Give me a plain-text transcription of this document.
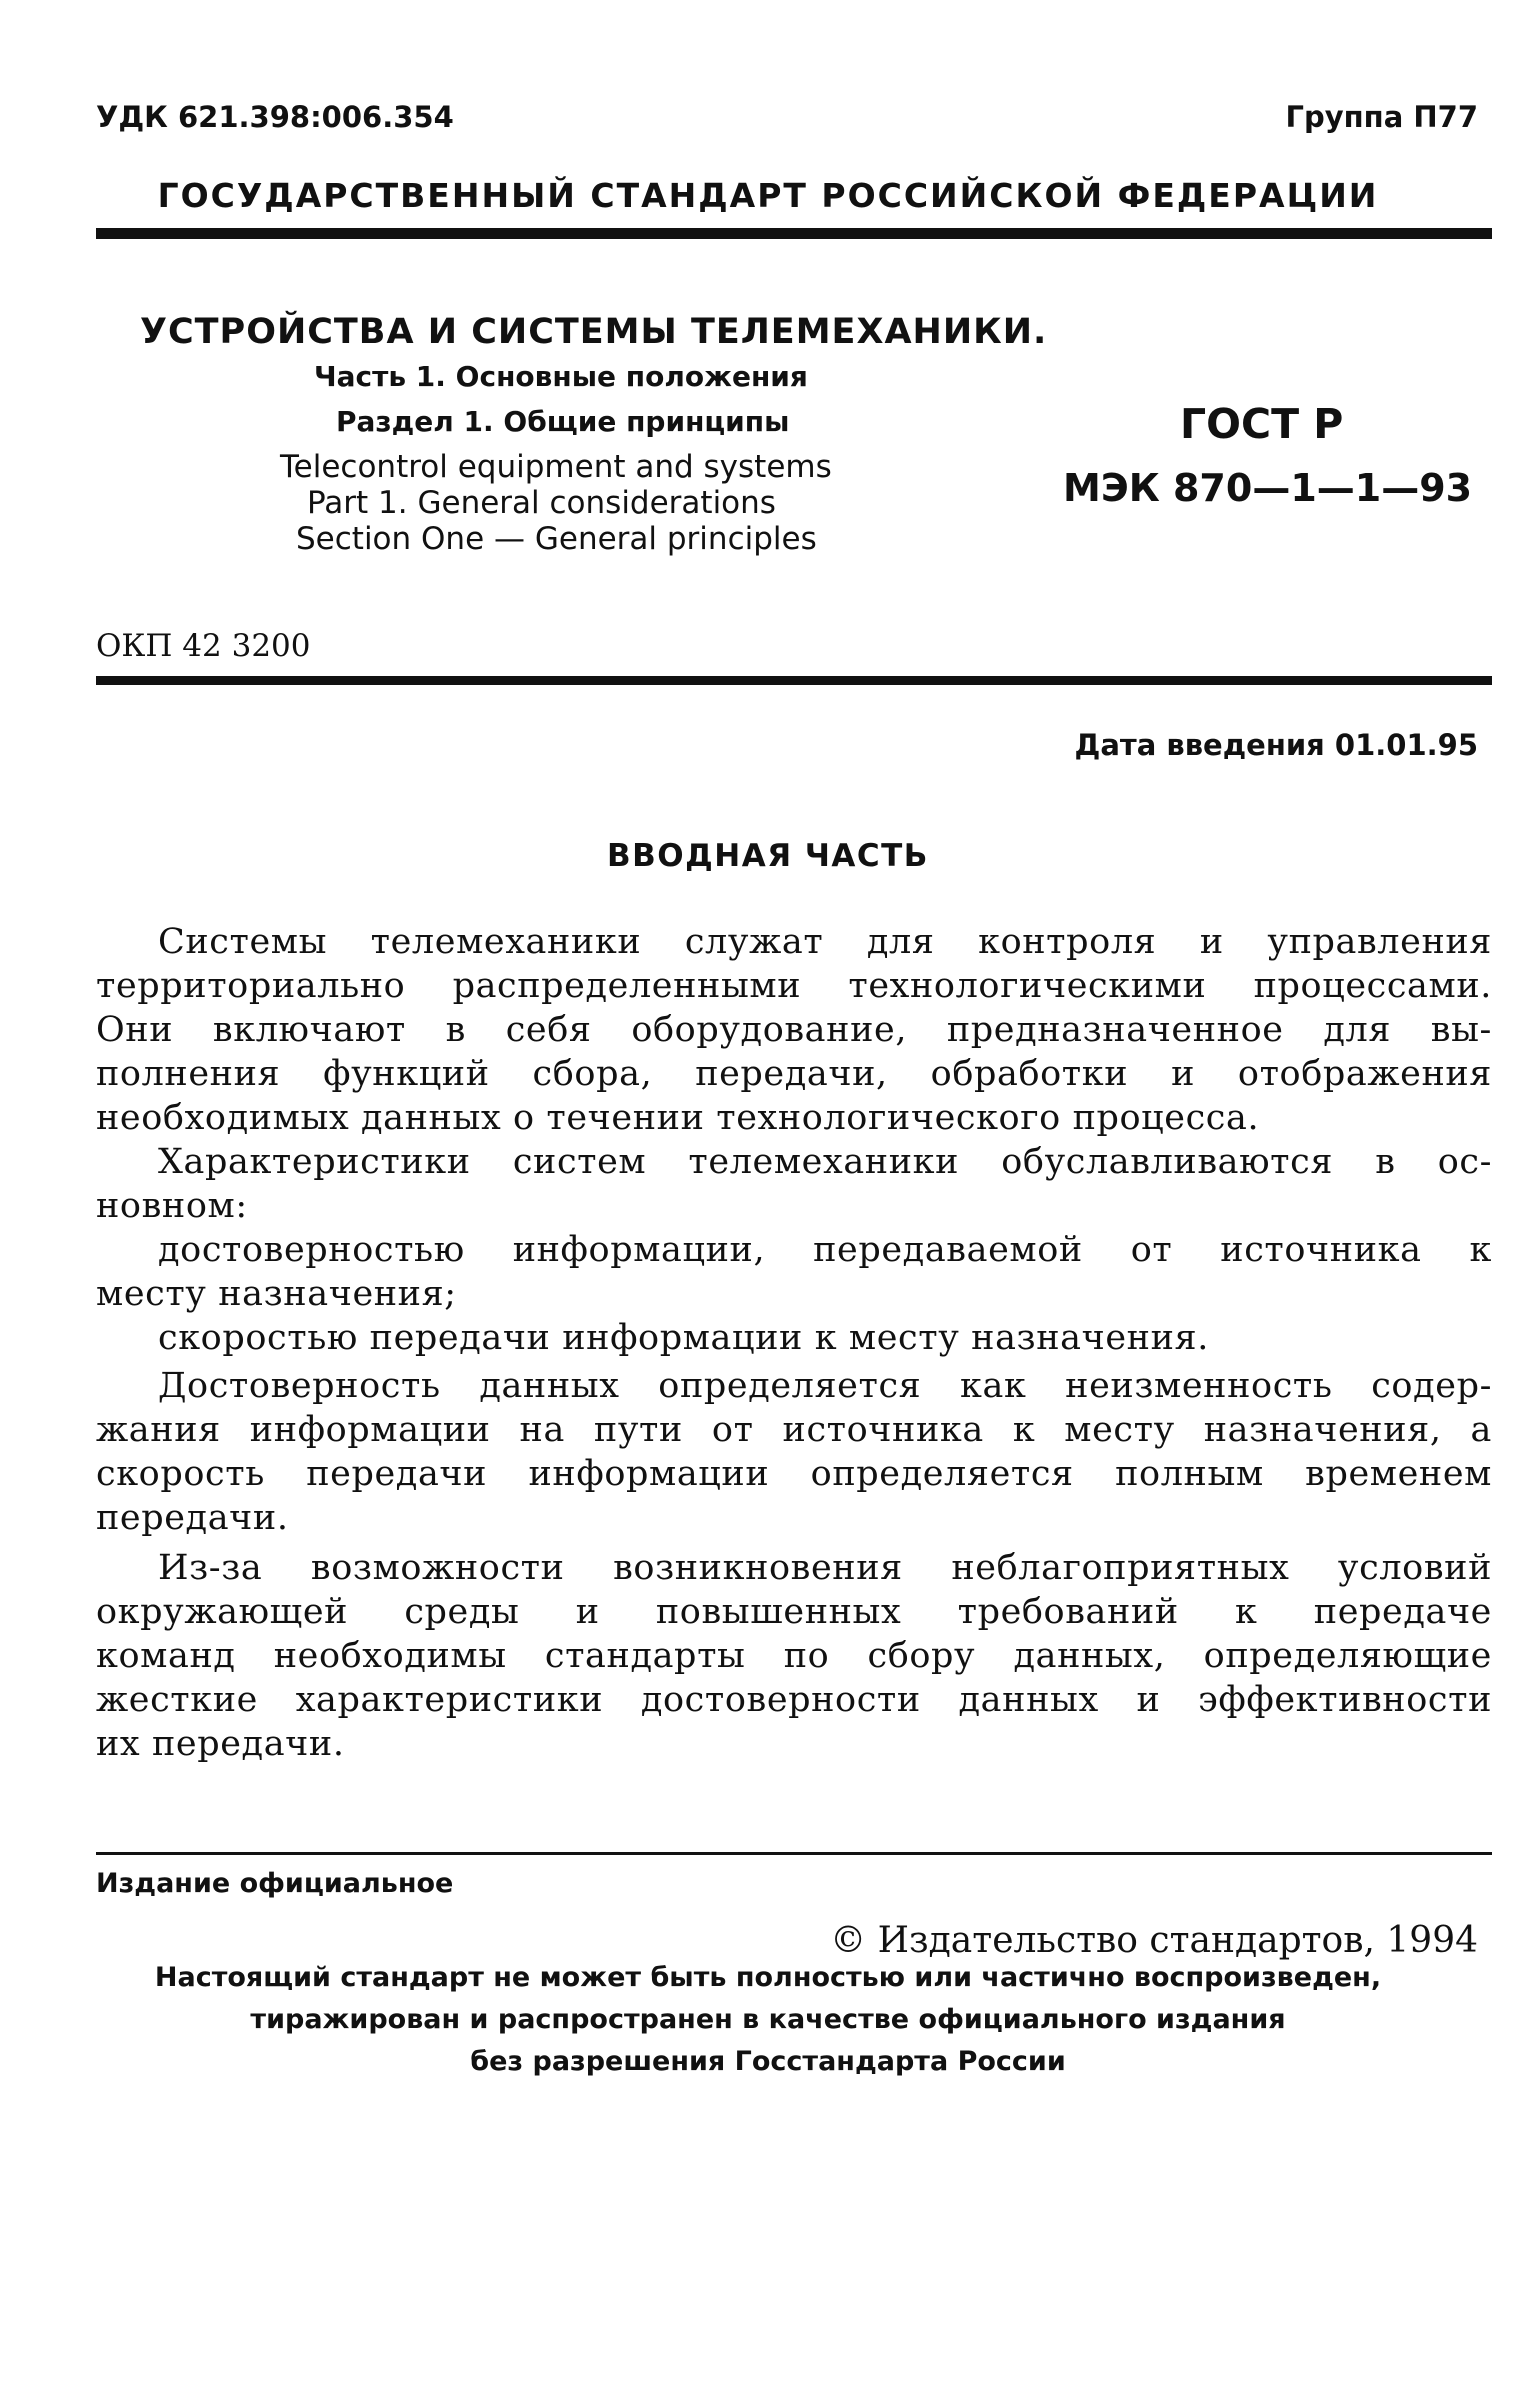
УДК 621.398:006.354	Группа П77
ГОСУДАРСТВЕННЫЙ СТАНДАРТ РОССИЙСКОЙ ФЕДЕРАЦИИ
УСТРОЙСТВА И СИСТЕМЫ ТЕЛЕМЕХАНИКИ.
Часть 1. Основные положения
Раздел 1. Общие принципы
Telecontrol equipment and systems
Part 1. General considerations
Section One — General principles
ГОСТ Р
МЭК 870—1—1—93
ОКП 42 3200
Дата введения 01.01.95
ВВОДНАЯ ЧАСТЬ
Системы телемеханики служат для контроля и управления
территориально распределенными технологическими процессами.
Они включают в себя оборудование, предназначенное для вы-
полнения функций сбора, передачи, обработки и отображения
необходимых данных о течении технологического процесса.
Характеристики систем телемеханики обуславливаются в ос-
новном:
достоверностью информации, передаваемой от источника к
месту назначения;
скоростью передачи информации к месту назначения.
Достоверность данных определяется как неизменность содер-
жания информации на пути от источника к месту назначения, а
скорость передачи информации определяется полным временем
передачи.
Из-за возможности возникновения неблагоприятных условий
окружающей среды и повышенных требований к передаче
команд необходимы стандарты по сбору данных, определяющие
жесткие характеристики достоверности данных и эффективности
их передачи.
Издание официальное
© Издательство стандартов, 1994
Настоящий стандарт не может быть полностью или частично воспроизведен,
тиражирован и распространен в качестве официального издания
без разрешения Госстандарта России
